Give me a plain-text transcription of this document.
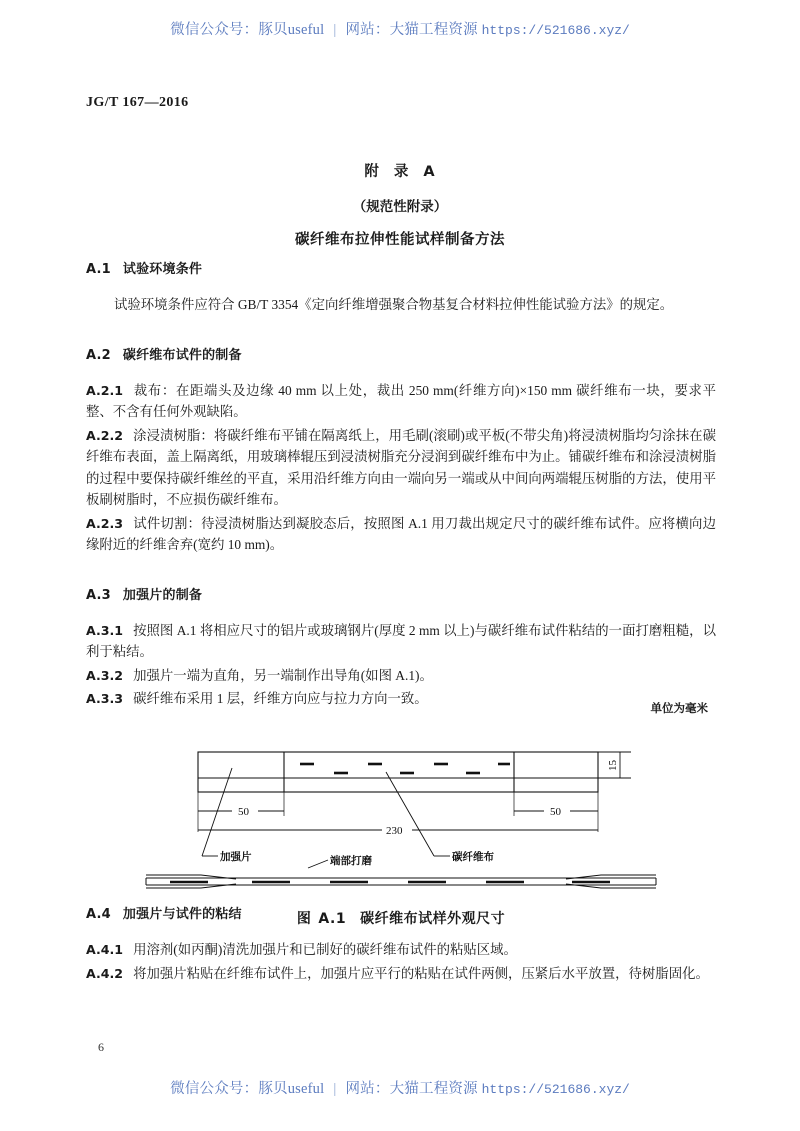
微信公众号：豚贝useful | 网站：大猫工程资源 https://521686.xyz/
JG/T 167—2016
附 录 A
（规范性附录）
碳纤维布拉伸性能试样制备方法
A.1 试验环境条件

试验环境条件应符合 GB/T 3354《定向纤维增强聚合物基复合材料拉伸性能试验方法》的规定。

A.2 碳纤维布试件的制备

A.2.1 裁布：在距端头及边缘 40 mm 以上处，裁出 250 mm(纤维方向)×150 mm 碳纤维布一块，要求平整、不含有任何外观缺陷。

A.2.2 涂浸渍树脂：将碳纤维布平铺在隔离纸上，用毛刷(滚刷)或平板(不带尖角)将浸渍树脂均匀涂抹在碳纤维布表面，盖上隔离纸，用玻璃棒辊压到浸渍树脂充分浸润到碳纤维布中为止。铺碳纤维布和涂浸渍树脂的过程中要保持碳纤维丝的平直，采用沿纤维方向由一端向另一端或从中间向两端辊压树脂的方法，使用平板刷树脂时，不应损伤碳纤维布。

A.2.3 试件切割：待浸渍树脂达到凝胶态后，按照图 A.1 用刀裁出规定尺寸的碳纤维布试件。应将横向边缘附近的纤维舍弃(宽约 10 mm)。

A.3 加强片的制备

A.3.1 按照图 A.1 将相应尺寸的铝片或玻璃钢片(厚度 2 mm 以上)与碳纤维布试件粘结的一面打磨粗糙，以利于粘结。

A.3.2 加强片一端为直角，另一端制作出导角(如图 A.1)。

A.3.3 碳纤维布采用 1 层，纤维方向应与拉力方向一致。

单位为毫米
15
50	50
230
加强片	碳纤维布
端部打磨
图 A.1 碳纤维布试样外观尺寸
A.4 加强片与试件的粘结

A.4.1 用溶剂(如丙酮)清洗加强片和已制好的碳纤维布试件的粘贴区域。

A.4.2 将加强片粘贴在纤维布试件上，加强片应平行的粘贴在试件两侧，压紧后水平放置，待树脂固化。

6
微信公众号：豚贝useful | 网站：大猫工程资源 https://521686.xyz/
